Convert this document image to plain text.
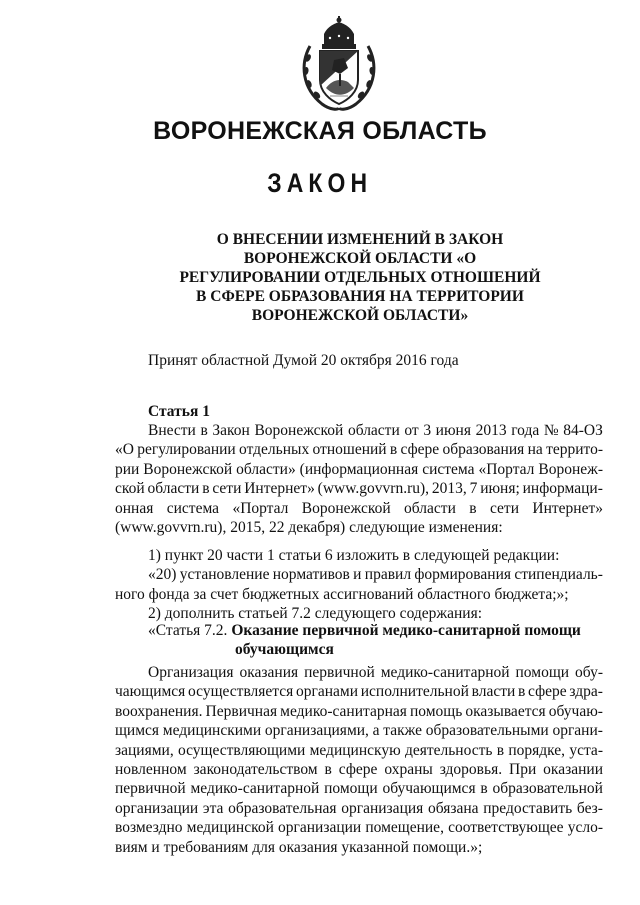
ВОРОНЕЖСКАЯ ОБЛАСТЬ
ЗАКОН
О ВНЕСЕНИИ ИЗМЕНЕНИЙ В ЗАКОН
ВОРОНЕЖСКОЙ ОБЛАСТИ «О
РЕГУЛИРОВАНИИ ОТДЕЛЬНЫХ ОТНОШЕНИЙ
В СФЕРЕ ОБРАЗОВАНИЯ НА ТЕРРИТОРИИ
ВОРОНЕЖСКОЙ ОБЛАСТИ»
Принят областной Думой 20 октября 2016 года
Статья 1
Внести в Закон Воронежской области от 3 июня 2013 года № 84-ОЗ
«О регулировании отдельных отношений в сфере образования на террито-
рии Воронежской области» (информационная система «Портал Воронеж-
ской области в сети Интернет» (www.govvrn.ru), 2013, 7 июня; информаци-
онная система «Портал Воронежской области в сети Интернет»
(www.govvrn.ru), 2015, 22 декабря) следующие изменения:
1) пункт 20 части 1 статьи 6 изложить в следующей редакции:
«20) установление нормативов и правил формирования стипендиаль-
ного фонда за счет бюджетных ассигнований областного бюджета;»;
2) дополнить статьей 7.2 следующего содержания:
«Статья 7.2. Оказание первичной медико-санитарной помощи
обучающимся
Организация оказания первичной медико-санитарной помощи обу-
чающимся осуществляется органами исполнительной власти в сфере здра-
воохранения. Первичная медико-санитарная помощь оказывается обучаю-
щимся медицинскими организациями, а также образовательными органи-
зациями, осуществляющими медицинскую деятельность в порядке, уста-
новленном законодательством в сфере охраны здоровья. При оказании
первичной медико-санитарной помощи обучающимся в образовательной
организации эта образовательная организация обязана предоставить без-
возмездно медицинской организации помещение, соответствующее усло-
виям и требованиям для оказания указанной помощи.»;
